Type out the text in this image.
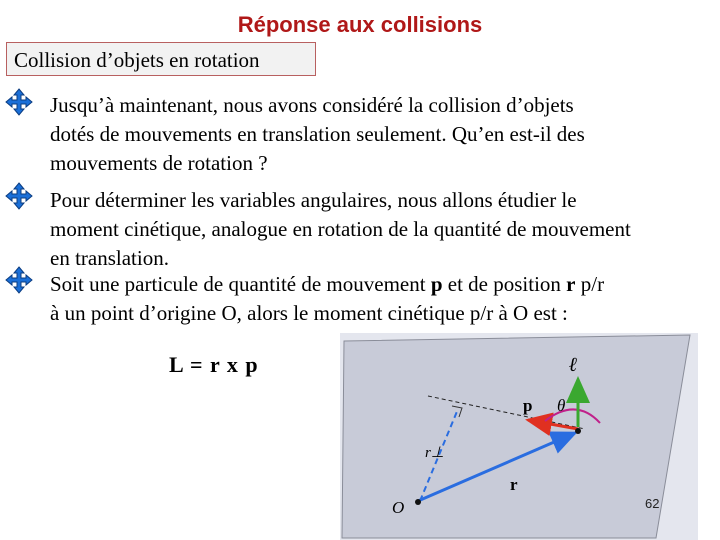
Réponse aux collisions
Collision d’objets en rotation

Jusqu’à maintenant, nous avons considéré la collision d’objets
dotés de mouvements en translation seulement. Qu’en est-il des
mouvements de rotation ?

Pour déterminer les variables angulaires, nous allons étudier le
moment cinétique, analogue en rotation de la quantité de mouvement
en translation.

Soit une particule de quantité de mouvement p et de position r p/r
à un point d’origine O, alors le moment cinétique p/r à O est :

L = r x p	ℓ
p θ
r⊥
r
O	62
